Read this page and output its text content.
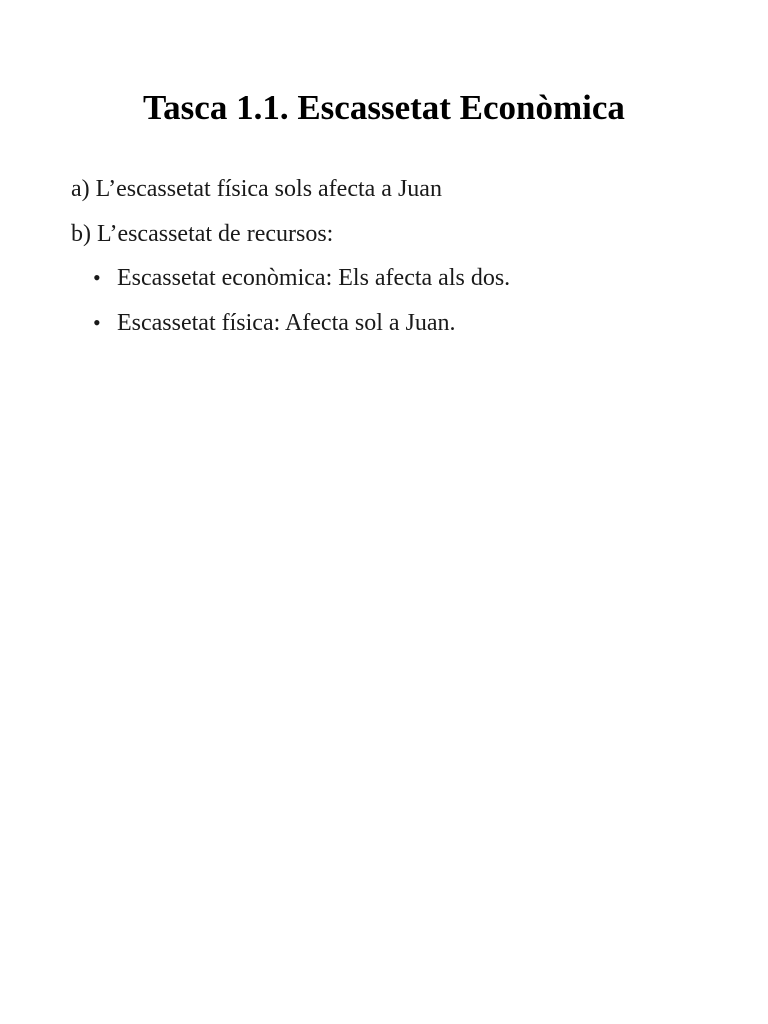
Tasca 1.1. Escassetat Econòmica

a) L’escassetat física sols afecta a Juan

b) L’escassetat de recursos:

• Escassetat econòmica: Els afecta als dos.
• Escassetat física: Afecta sol a Juan.
